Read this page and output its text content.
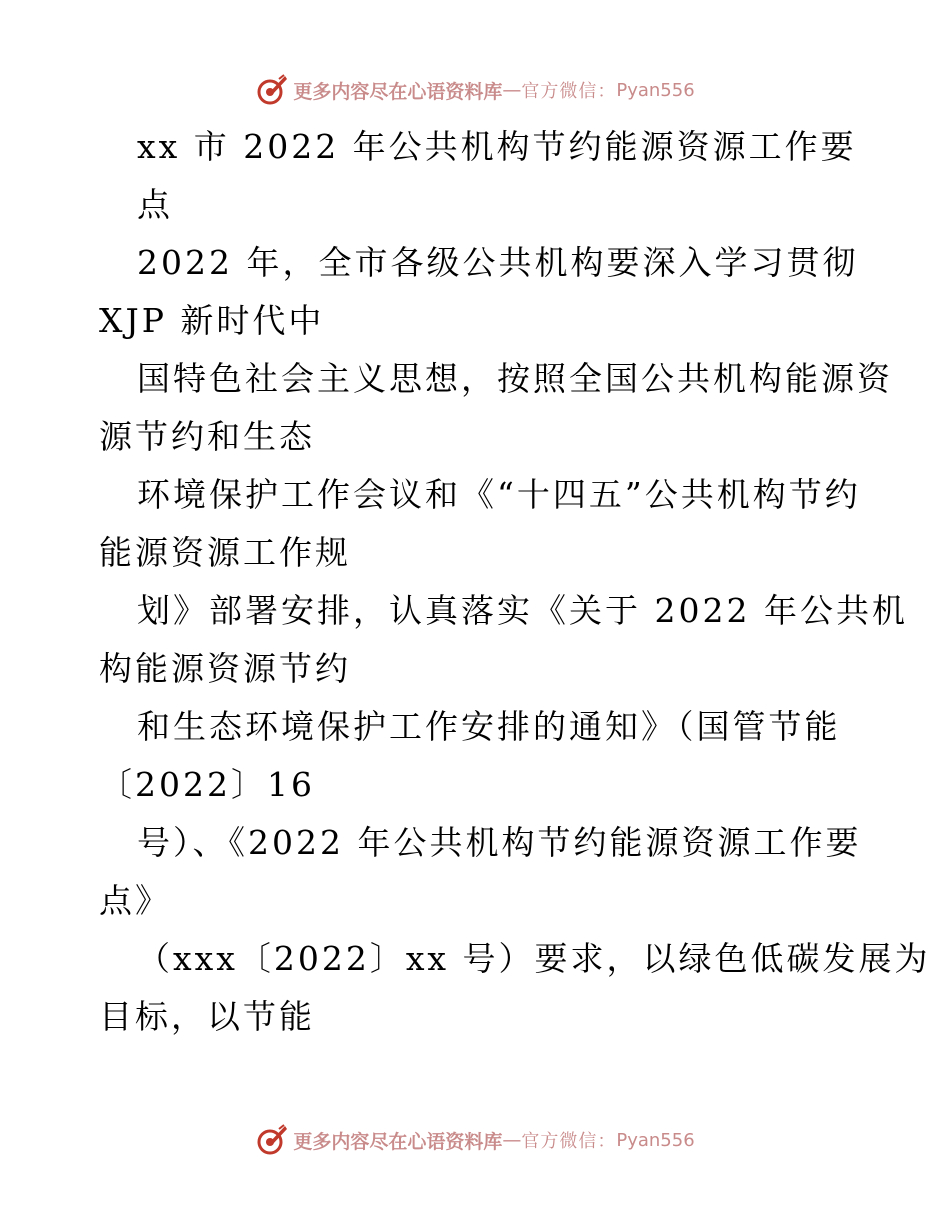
更多内容尽在心语资料库 — 官方微信： Pyan556
xx 市 2022 年公共机构节约能源资源工作要
点
2022 年，全市各级公共机构要深入学习贯彻
XJP 新时代中
国特色社会主义思想，按照全国公共机构能源资
源节约和生态
环境保护工作会议和《“十四五”公共机构节约
能源资源工作规
划》部署安排，认真落实《关于 2022 年公共机
构能源资源节约
和生态环境保护工作安排的通知》（国管节能
〔2022〕16
号）、《2022 年公共机构节约能源资源工作要
点》
（xxx〔2022〕xx 号）要求，以绿色低碳发展为
目标，以节能
更多内容尽在心语资料库 — 官方微信： Pyan556
